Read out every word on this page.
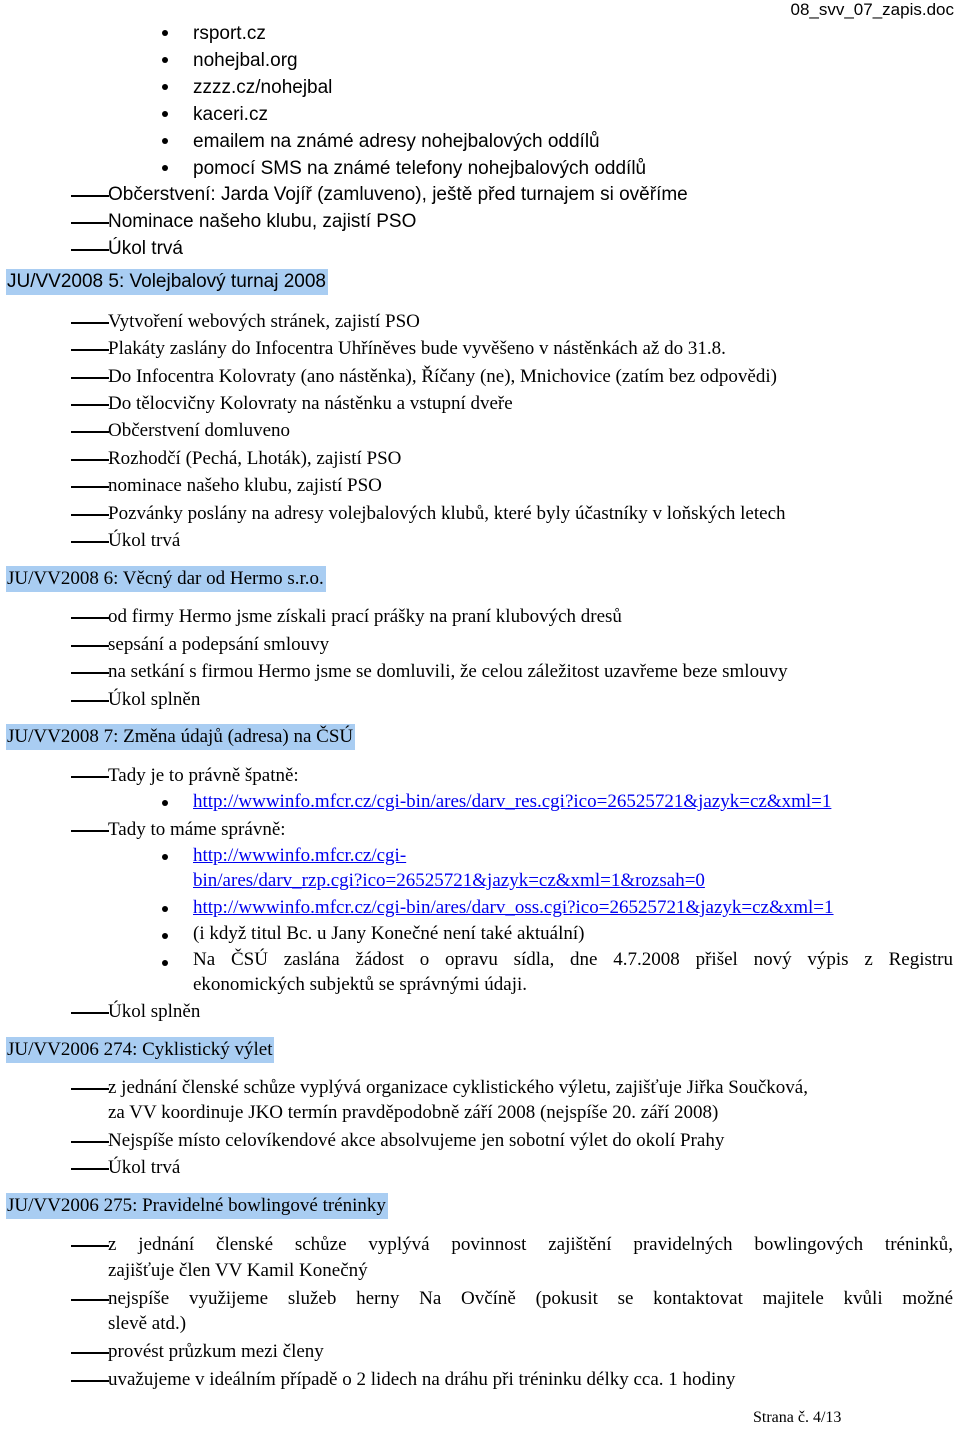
08_svv_07_zapis.doc
rsport.cz
nohejbal.org
zzzz.cz/nohejbal
kaceri.cz
emailem na známé adresy nohejbalových oddílů
pomocí SMS na známé telefony nohejbalových oddílů
Občerstvení: Jarda Vojíř (zamluveno), ještě před turnajem si ověříme
Nominace našeho klubu, zajistí PSO
Úkol trvá
JU/VV2008 5: Volejbalový turnaj 2008
Vytvoření webových stránek, zajistí PSO
Plakáty zaslány do Infocentra Uhříněves bude vyvěšeno v nástěnkách až do 31.8.
Do Infocentra Kolovraty (ano nástěnka), Říčany (ne), Mnichovice (zatím bez odpovědi)
Do tělocvičny Kolovraty na nástěnku a vstupní dveře
Občerstvení domluveno
Rozhodčí (Pechá, Lhoták), zajistí PSO
nominace našeho klubu, zajistí PSO
Pozvánky poslány na adresy volejbalových klubů, které byly účastníky v loňských letech
Úkol trvá
JU/VV2008 6: Věcný dar od Hermo s.r.o.
od firmy Hermo jsme získali prací prášky na praní klubových dresů
sepsání a podepsání smlouvy
na setkání s firmou Hermo jsme se domluvili, že celou záležitost uzavřeme beze smlouvy
Úkol splněn
JU/VV2008 7: Změna údajů (adresa) na ČSÚ
Tady je to právně špatně:
http://wwwinfo.mfcr.cz/cgi-bin/ares/darv_res.cgi?ico=26525721&jazyk=cz&xml=1
Tady to máme správně:
http://wwwinfo.mfcr.cz/cgi-
bin/ares/darv_rzp.cgi?ico=26525721&jazyk=cz&xml=1&rozsah=0
http://wwwinfo.mfcr.cz/cgi-bin/ares/darv_oss.cgi?ico=26525721&jazyk=cz&xml=1
(i když titul Bc. u Jany Konečné není také aktuální)
Na ČSÚ zaslána žádost o opravu sídla, dne 4.7.2008 přišel nový výpis z Registru
ekonomických subjektů se správnými údaji.
Úkol splněn
JU/VV2006 274: Cyklistický výlet
z jednání členské schůze vyplývá organizace cyklistického výletu, zajišťuje Jiřka Součková,
za VV koordinuje JKO termín pravděpodobně září 2008 (nejspíše 20. září 2008)
Nejspíše místo celovíkendové akce absolvujeme jen sobotní výlet do okolí Prahy
Úkol trvá
JU/VV2006 275: Pravidelné bowlingové tréninky
z jednání členské schůze vyplývá povinnost zajištění pravidelných bowlingových tréninků,
zajišťuje člen VV Kamil Konečný
nejspíše využijeme služeb herny Na Ovčíně (pokusit se kontaktovat majitele kvůli možné
slevě atd.)
provést průzkum mezi členy
uvažujeme v ideálním případě o 2 lidech na dráhu při tréninku délky cca. 1 hodiny
Strana č. 4/13
